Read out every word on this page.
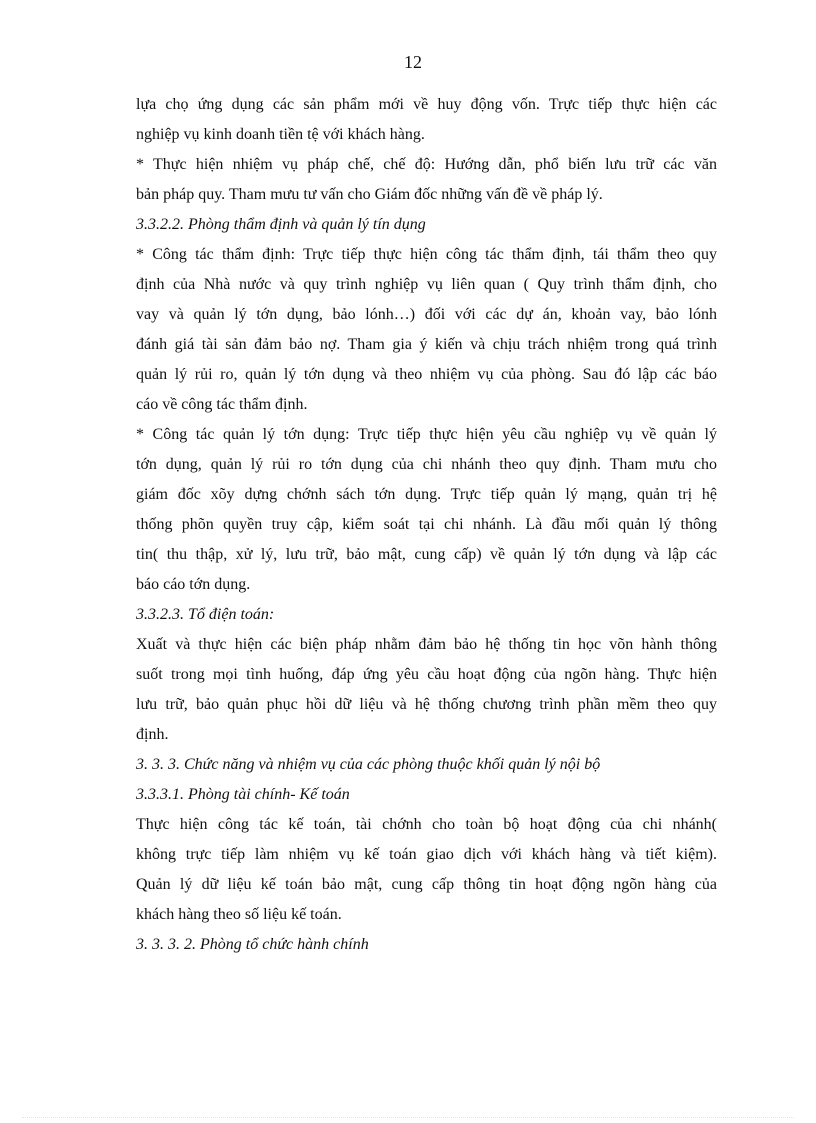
12

lựa chọ ứng dụng các sản phẩm mới về huy động vốn. Trực tiếp thực hiện các
nghiệp vụ kinh doanh tiền tệ với khách hàng.

* Thực hiện nhiệm vụ pháp chế, chế độ: Hướng dẫn, phổ biến lưu trữ các văn
bản pháp quy. Tham mưu tư vấn cho Giám đốc những vấn đề về pháp lý.

3.3.2.2. Phòng thẩm định và quản lý tín dụng

* Công tác thẩm định: Trực tiếp thực hiện công tác thẩm định, tái thẩm theo quy
định của Nhà nước và quy trình nghiệp vụ liên quan ( Quy trình thẩm định, cho
vay và quản lý tớn dụng, bảo lónh…) đối với các dự án, khoản vay, bảo lónh
đánh giá tài sản đảm bảo nợ. Tham gia ý kiến và chịu trách nhiệm trong quá trình
quản lý rủi ro, quản lý tớn dụng và theo nhiệm vụ của phòng. Sau đó lập các báo
cáo về công tác thẩm định.

* Công tác quản lý tớn dụng: Trực tiếp thực hiện yêu cầu nghiệp vụ về quản lý
tớn dụng, quản lý rủi ro tớn dụng của chi nhánh theo quy định. Tham mưu cho
giám đốc xõy dựng chớnh sách tớn dụng. Trực tiếp quản lý mạng, quản trị hệ
thống phõn quyền truy cập, kiểm soát tại chi nhánh. Là đầu mối quản lý thông
tin( thu thập, xử lý, lưu trữ, bảo mật, cung cấp) về quản lý tớn dụng và lập các
báo cáo tớn dụng.

3.3.2.3. Tổ điện toán:

Xuất và thực hiện các biện pháp nhằm đảm bảo hệ thống tin học võn hành thông
suốt trong mọi tình huống, đáp ứng yêu cầu hoạt động của ngõn hàng. Thực hiện
lưu trữ, bảo quản phục hồi dữ liệu và hệ thống chương trình phần mềm theo quy
định.

3. 3. 3. Chức năng và nhiệm vụ của các phòng thuộc khối quản lý nội bộ

3.3.3.1. Phòng tài chính- Kế toán

Thực hiện công tác kế toán, tài chớnh cho toàn bộ hoạt động của chi nhánh(
không trực tiếp làm nhiệm vụ kế toán giao dịch với khách hàng và tiết kiệm).
Quản lý dữ liệu kế toán bảo mật, cung cấp thông tin hoạt động ngõn hàng của
khách hàng theo số liệu kế toán.

3. 3. 3. 2. Phòng tổ chức hành chính
